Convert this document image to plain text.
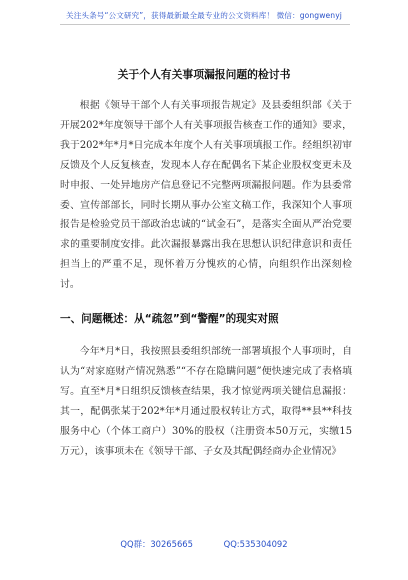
关注头条号“公文研究”，获得最新最全最专业的公文资料库！ 微信：gongwenyj
关于个人有关事项漏报问题的检讨书

根据《领导干部个人有关事项报告规定》及县委组织部《关于开展202*年度领导干部个人有关事项报告核查工作的通知》要求，我于202*年*月*日完成本年度个人有关事项填报工作。经组织初审反馈及个人反复核查，发现本人存在配偶名下某企业股权变更未及时申报、一处异地房产信息登记不完整两项漏报问题。作为县委常委、宣传部部长，同时长期从事办公室文稿工作，我深知个人事项报告是检验党员干部政治忠诚的“试金石”，是落实全面从严治党要求的重要制度安排。此次漏报暴露出我在思想认识纪律意识和责任担当上的严重不足，现怀着万分愧疚的心情，向组织作出深刻检讨。

一、问题概述：从“疏忽”到“警醒”的现实对照

今年*月*日，我按照县委组织部统一部署填报个人事项时，自认为“对家庭财产情况熟悉”“不存在隐瞒问题”便快速完成了表格填写。直至*月*日组织反馈核查结果，我才惊觉两项关键信息漏报：其一，配偶张某于202*年*月通过股权转让方式，取得**县**科技服务中心（个体工商户）30%的股权（注册资本50万元，实缴15万元），该事项未在《领导干部、子女及其配偶经商办企业情况》

QQ群：30265665	QQ:535304092
